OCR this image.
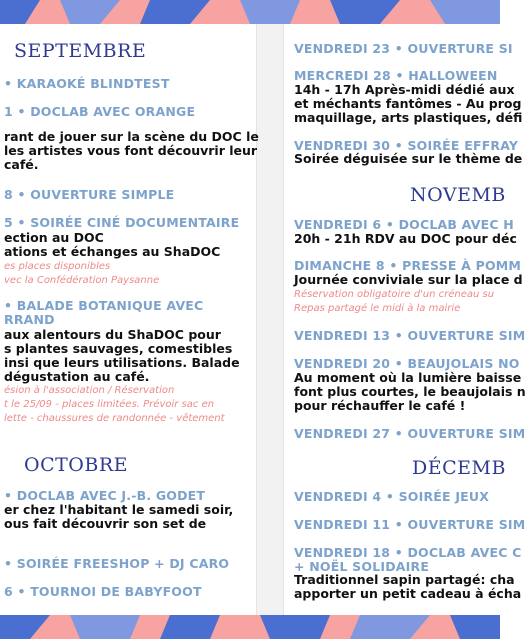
SEPTEMBRE
• KARAOKÉ BLINDTEST
1 • DOCLAB AVEC ORANGE
rant de jouer sur la scène du DOC le
les artistes vous font découvrir leur
café.
8 • OUVERTURE SIMPLE
5 • SOIRÉE CINÉ DOCUMENTAIRE
ection au DOC
ations et échanges au ShaDOC
es places disponibles
vec la Confédération Paysanne
• BALADE BOTANIQUE AVEC
RRAND
aux alentours du ShaDOC pour
s plantes sauvages, comestibles
insi que leurs utilisations. Balade
dégustation au café.
ésion à l'association / Réservation
t le 25/09 - places limitées. Prévoir sac en
lette - chaussures de randonnée - vêtement
OCTOBRE
• DOCLAB AVEC J.-B. GODET
er chez l'habitant le samedi soir,
ous fait découvrir son set de
• SOIRÉE FREESHOP + DJ CARO
6 • TOURNOI DE BABYFOOT
VENDREDI 23 • OUVERTURE SI
MERCREDI 28 • HALLOWEEN
14h - 17h Après-midi dédié aux
et méchants fantômes - Au prog
maquillage, arts plastiques, défi
VENDREDI 30 • SOIRÉE EFFRAY
Soirée déguisée sur le thème de
NOVEMB
VENDREDI 6 • DOCLAB AVEC H
20h - 21h RDV au DOC pour déc
DIMANCHE 8 • PRESSE À POMM
Journée conviviale sur la place d
Réservation obligatoire d'un créneau su
Repas partagé le midi à la mairie
VENDREDI 13 • OUVERTURE SIM
VENDREDI 20 • BEAUJOLAIS NO
Au moment où la lumière baisse
font plus courtes, le beaujolais n
pour réchauffer le café !
VENDREDI 27 • OUVERTURE SIM
DÉCEMB
VENDREDI 4 • SOIRÉE JEUX
VENDREDI 11 • OUVERTURE SIM
VENDREDI 18 • DOCLAB AVEC C
+ NOËL SOLIDAIRE
Traditionnel sapin partagé: cha
apporter un petit cadeau à écha
